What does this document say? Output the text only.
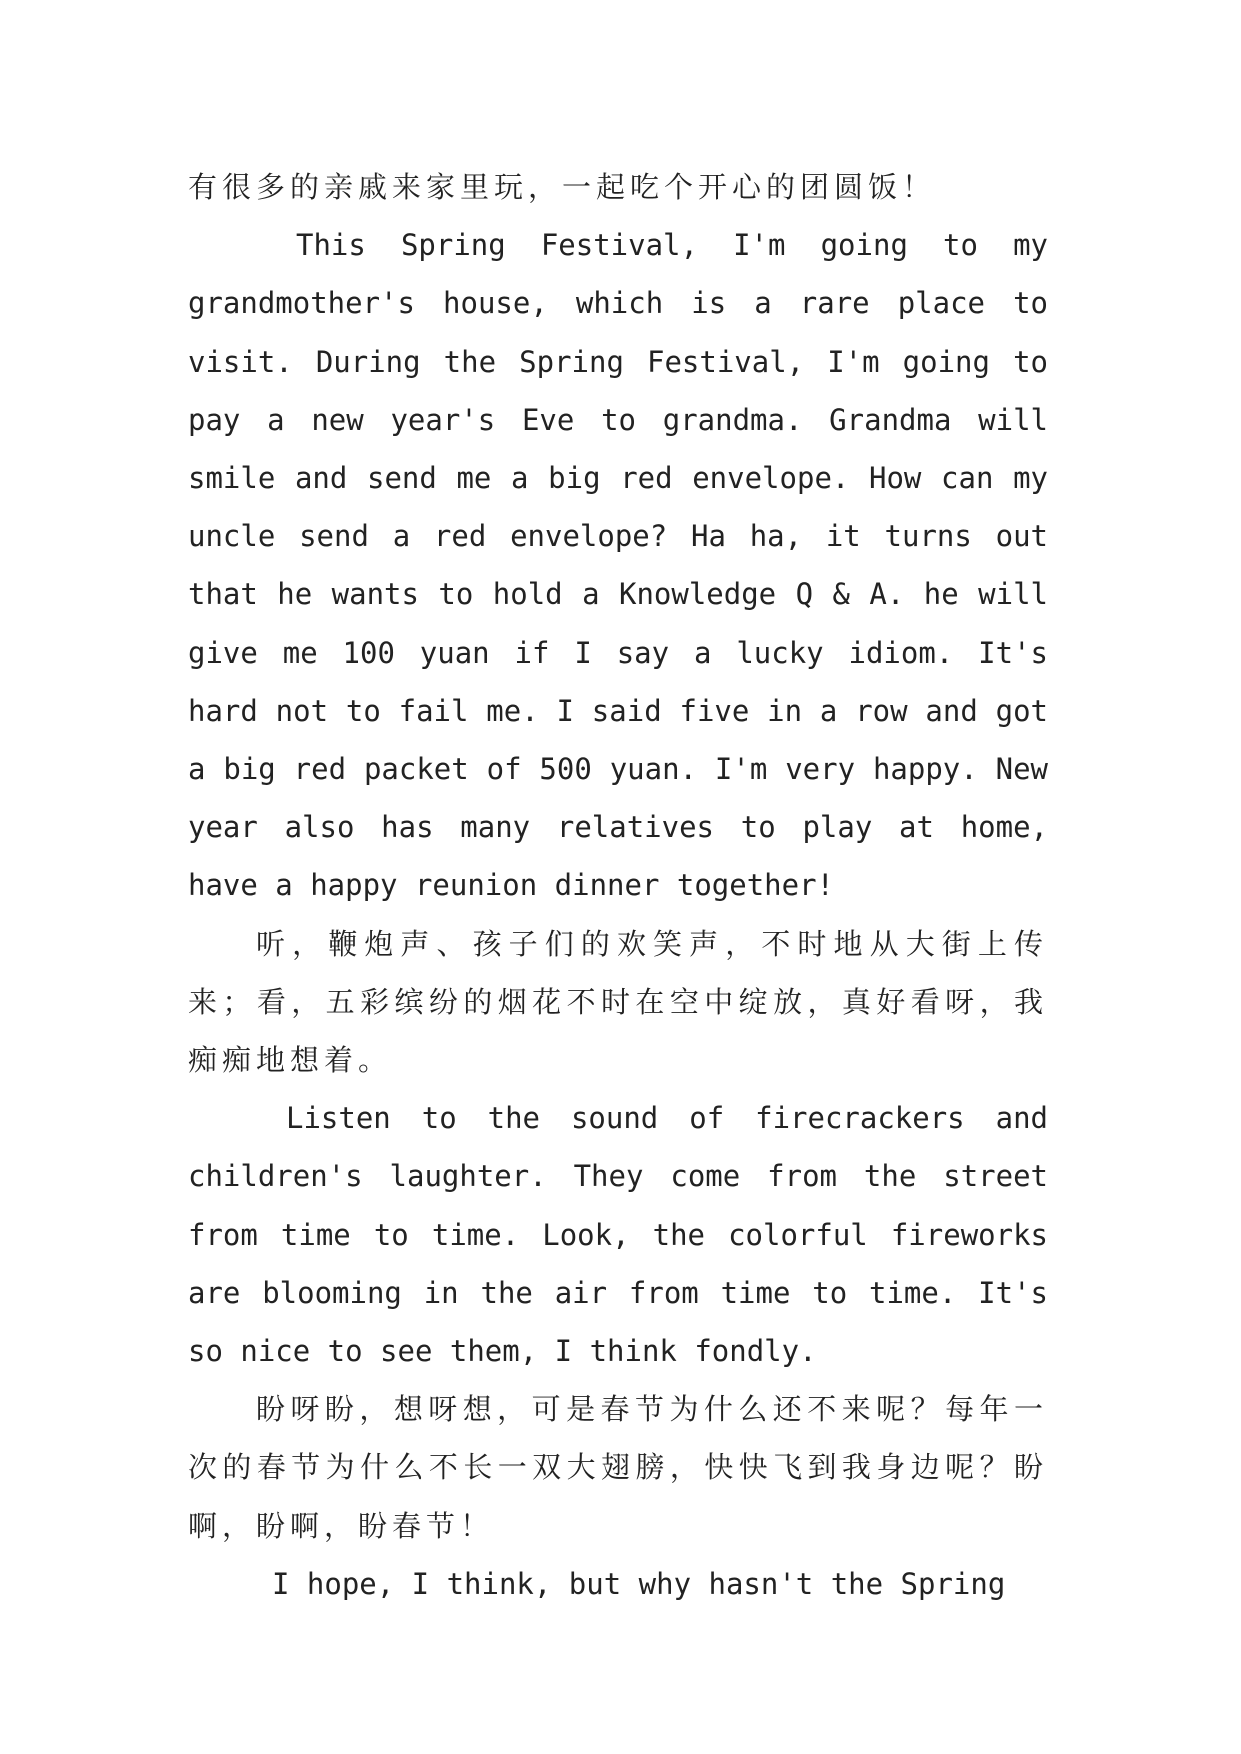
有很多的亲戚来家里玩，一起吃个开心的团圆饭！

This Spring Festival, I'm going to my grandmother's house, which is a rare place to visit. During the Spring Festival, I'm going to pay a new year's Eve to grandma. Grandma will smile and send me a big red envelope. How can my uncle send a red envelope? Ha ha, it turns out that he wants to hold a Knowledge Q & A. he will give me 100 yuan if I say a lucky idiom. It's hard not to fail me. I said five in a row and got a big red packet of 500 yuan. I'm very happy. New year also has many relatives to play at home, have a happy reunion dinner together!

听，鞭炮声、孩子们的欢笑声，不时地从大街上传来；看，五彩缤纷的烟花不时在空中绽放，真好看呀，我痴痴地想着。

Listen to the sound of firecrackers and children's laughter. They come from the street from time to time. Look, the colorful fireworks are blooming in the air from time to time. It's so nice to see them, I think fondly.

盼呀盼，想呀想，可是春节为什么还不来呢？每年一次的春节为什么不长一双大翅膀，快快飞到我身边呢？盼啊，盼啊，盼春节！

I hope, I think, but why hasn't the Spring
